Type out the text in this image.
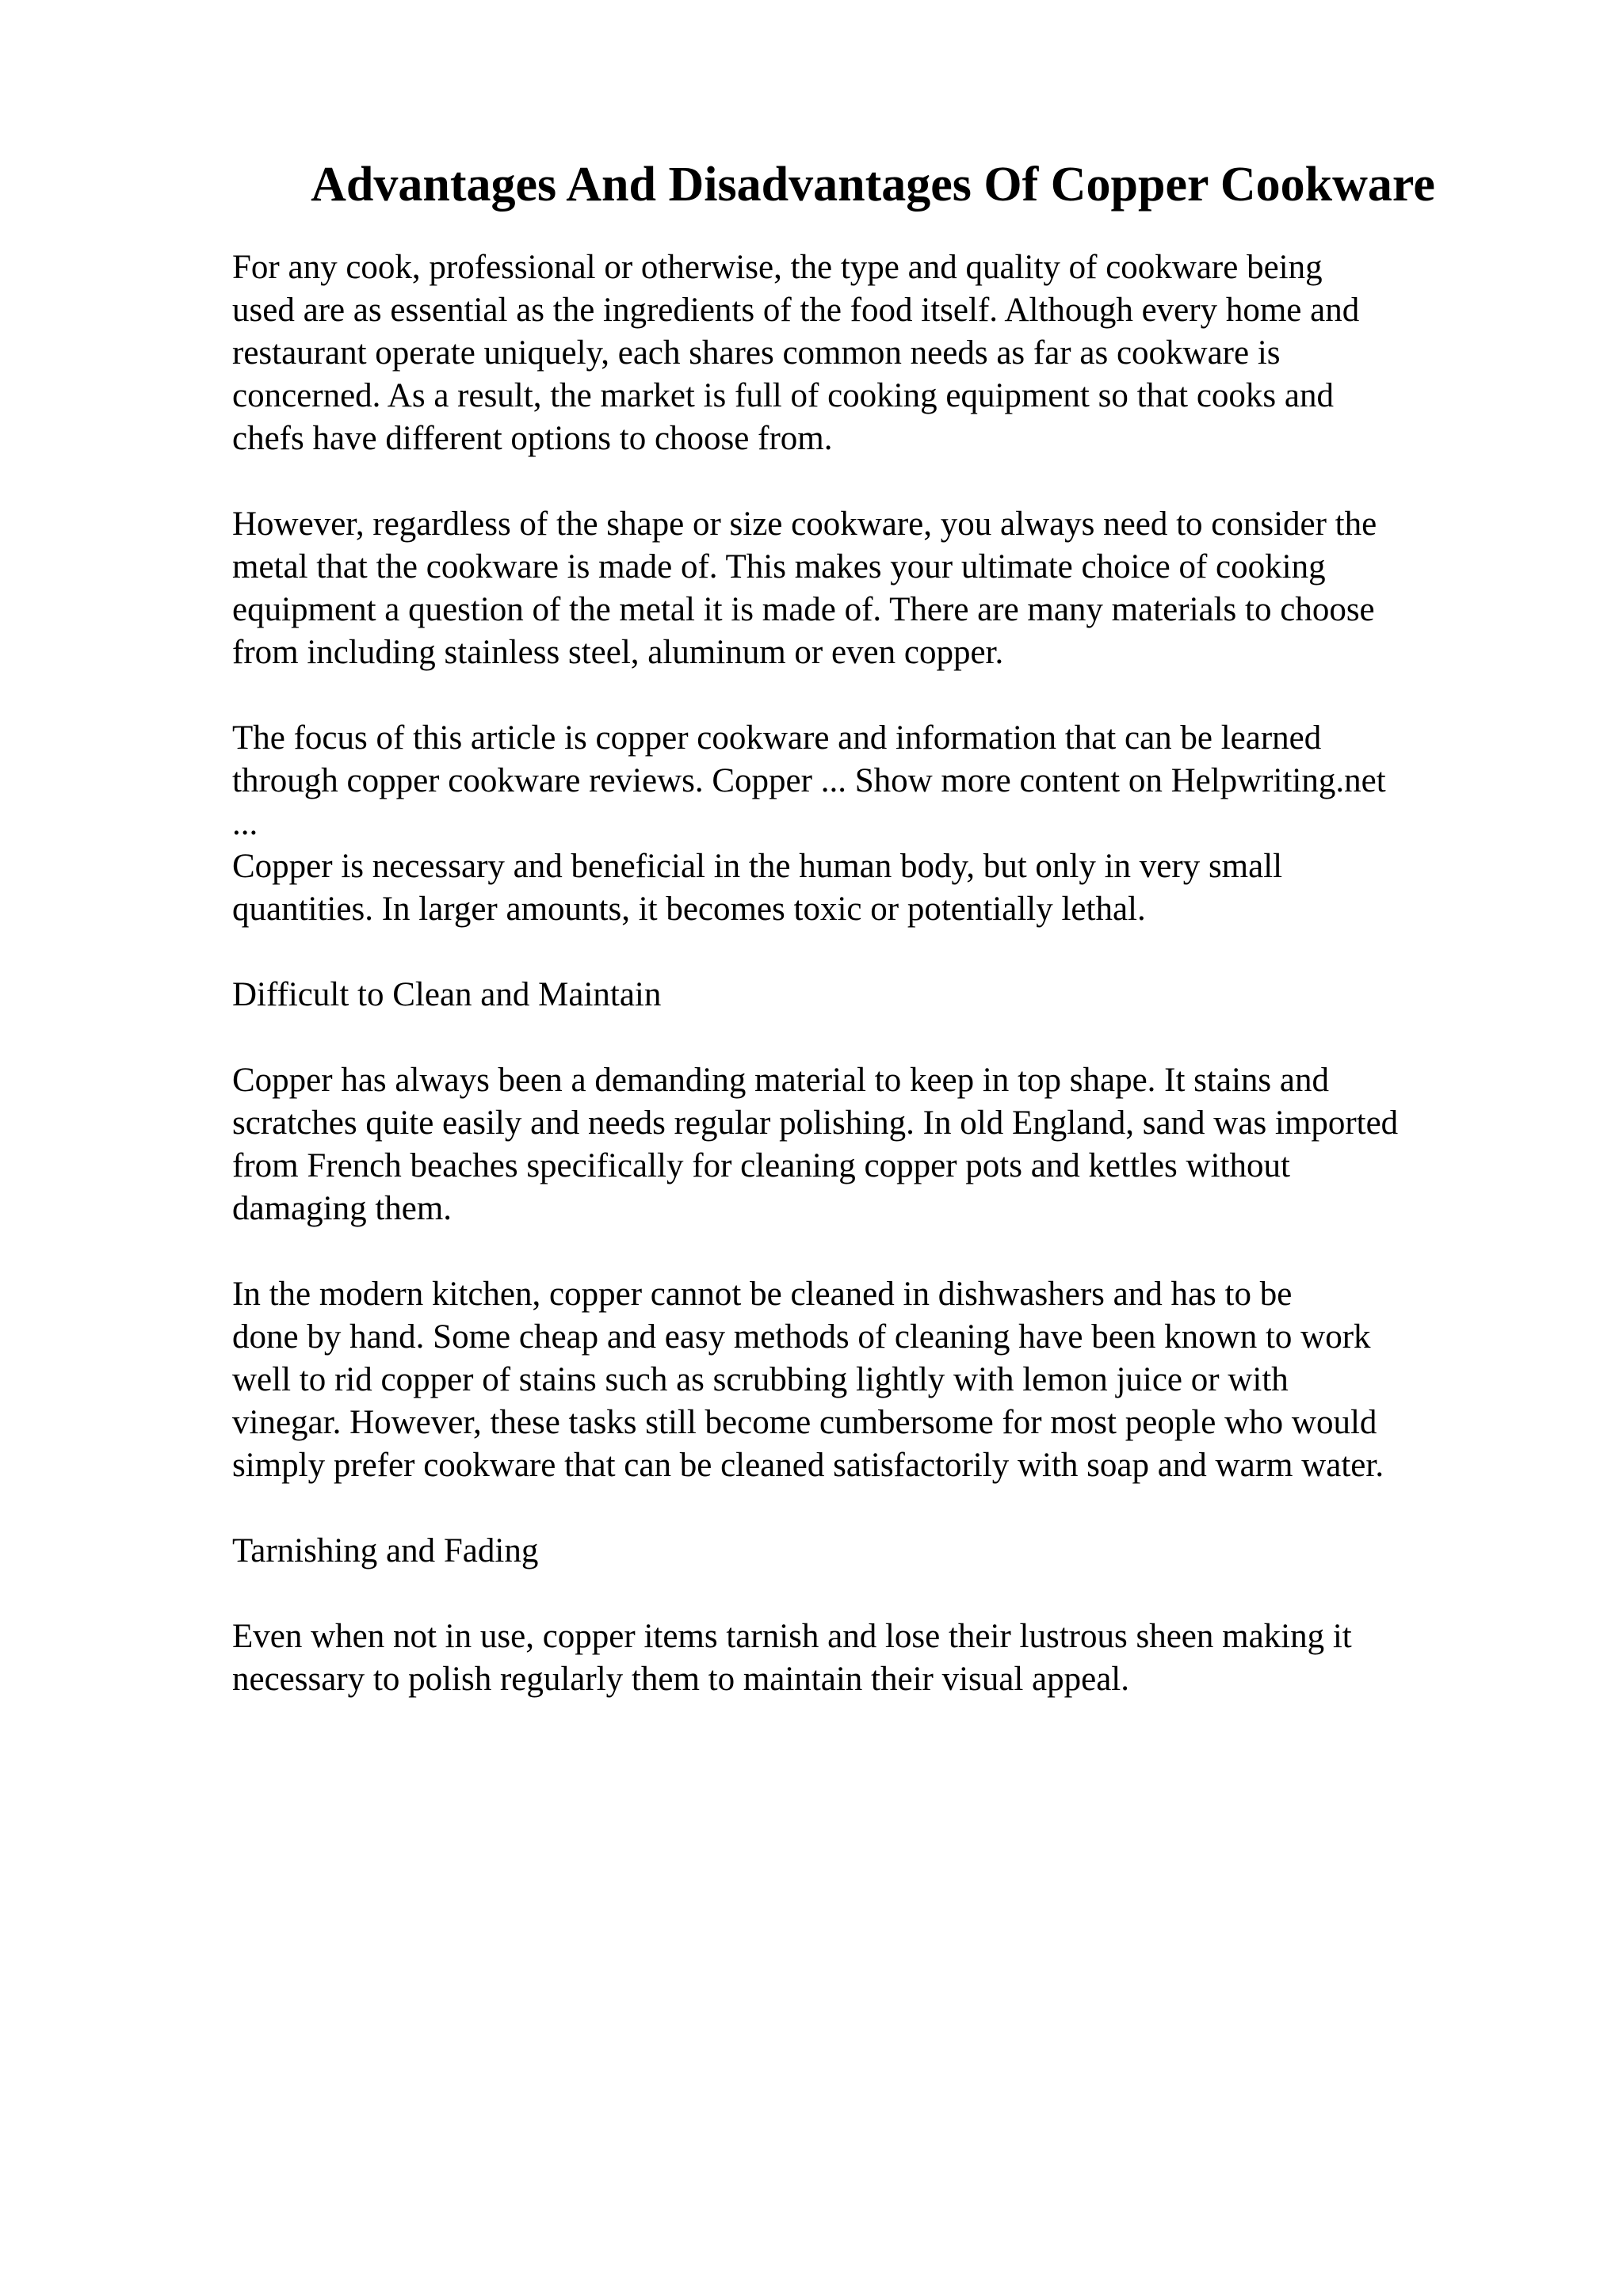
Advantages And Disadvantages Of Copper Cookware

For any cook, professional or otherwise, the type and quality of cookware being
used are as essential as the ingredients of the food itself. Although every home and
restaurant operate uniquely, each shares common needs as far as cookware is
concerned. As a result, the market is full of cooking equipment so that cooks and
chefs have different options to choose from.

However, regardless of the shape or size cookware, you always need to consider the
metal that the cookware is made of. This makes your ultimate choice of cooking
equipment a question of the metal it is made of. There are many materials to choose
from including stainless steel, aluminum or even copper.

The focus of this article is copper cookware and information that can be learned
through copper cookware reviews. Copper ... Show more content on Helpwriting.net
...
Copper is necessary and beneficial in the human body, but only in very small
quantities. In larger amounts, it becomes toxic or potentially lethal.

Difficult to Clean and Maintain

Copper has always been a demanding material to keep in top shape. It stains and
scratches quite easily and needs regular polishing. In old England, sand was imported
from French beaches specifically for cleaning copper pots and kettles without
damaging them.

In the modern kitchen, copper cannot be cleaned in dishwashers and has to be
done by hand. Some cheap and easy methods of cleaning have been known to work
well to rid copper of stains such as scrubbing lightly with lemon juice or with
vinegar. However, these tasks still become cumbersome for most people who would
simply prefer cookware that can be cleaned satisfactorily with soap and warm water.

Tarnishing and Fading

Even when not in use, copper items tarnish and lose their lustrous sheen making it
necessary to polish regularly them to maintain their visual appeal.
